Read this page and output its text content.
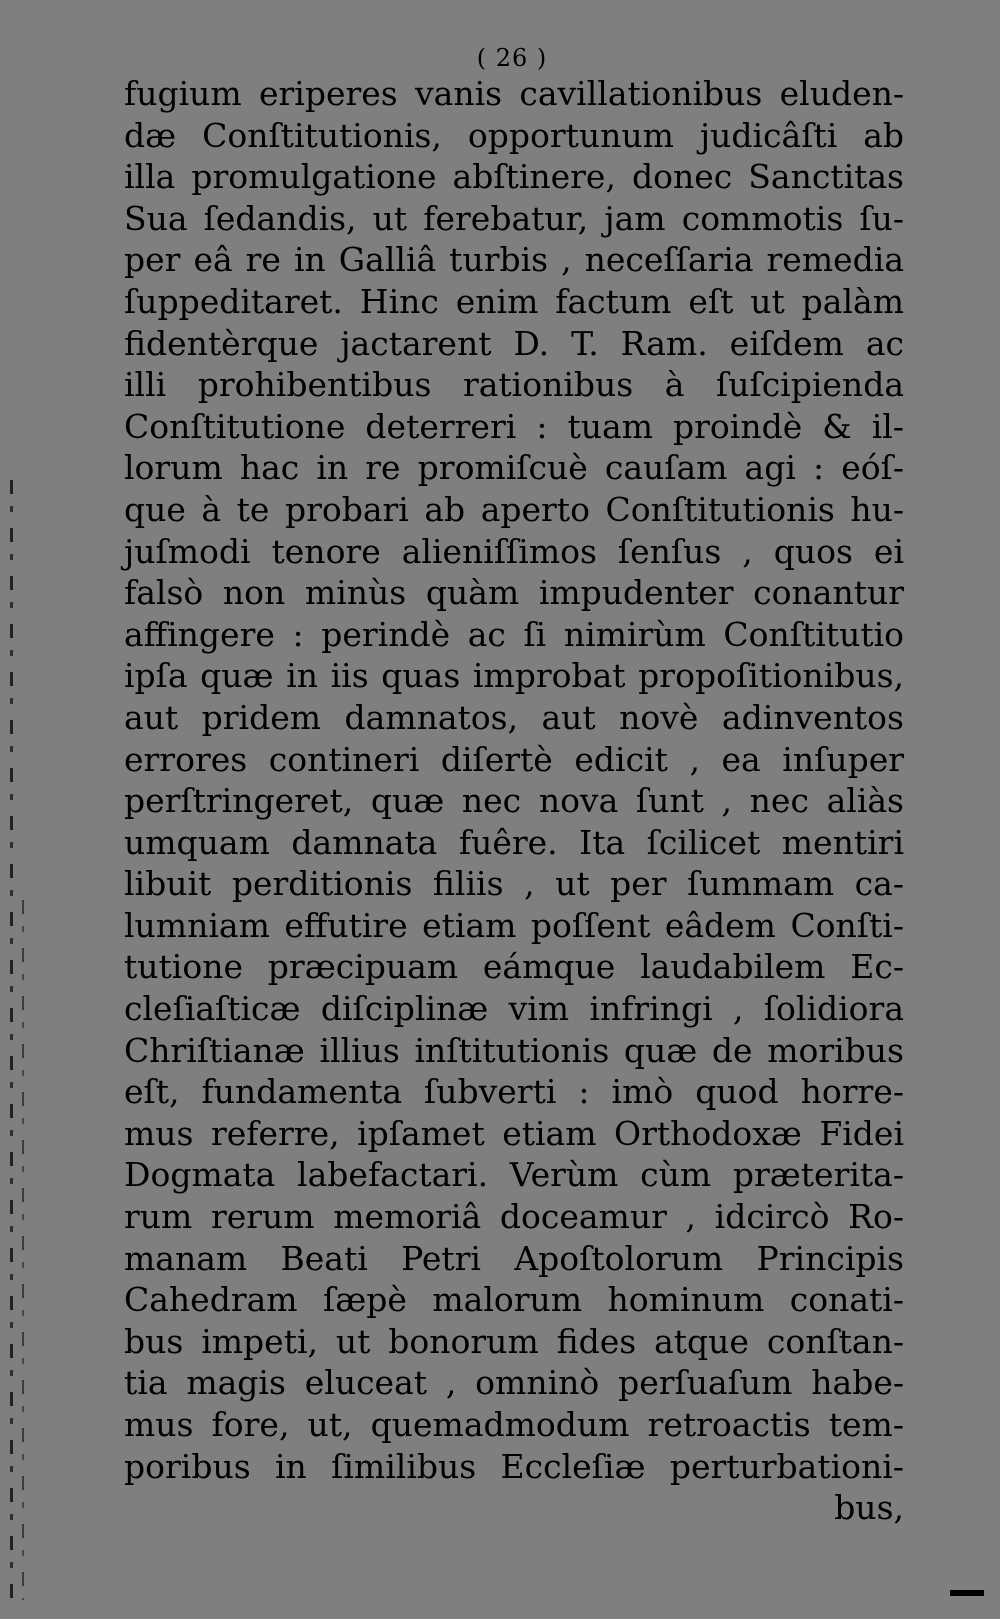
( 26 )
fugium eriperes vanis cavillationibus eluden-
dæ Conſtitutionis, opportunum judicâſti ab
illa promulgatione abſtinere, donec Sanctitas
Sua ſedandis, ut ferebatur, jam commotis ſu-
per eâ re in Galliâ turbis , neceſſaria remedia
ſuppeditaret. Hinc enim factum eſt ut palàm
fidentèrque jactarent D. T. Ram. eiſdem ac
illi prohibentibus rationibus à ſuſcipienda
Conſtitutione deterreri : tuam proindè & il-
lorum hac in re promiſcuè cauſam agi : eóſ-
que à te probari ab aperto Conſtitutionis hu-
juſmodi tenore alieniſſimos ſenſus , quos ei
falsò non minùs quàm impudenter conantur
affingere : perindè ac ſi nimirùm Conſtitutio
ipſa quæ in iis quas improbat propoſitionibus,
aut pridem damnatos, aut novè adinventos
errores contineri diſertè edicit , ea inſuper
perſtringeret, quæ nec nova ſunt , nec aliàs
umquam damnata fuêre. Ita ſcilicet mentiri
libuit perditionis filiis , ut per ſummam ca-
lumniam effutire etiam poſſent eâdem Conſti-
tutione præcipuam eámque laudabilem Ec-
cleſiaſticæ diſciplinæ vim infringi , ſolidiora
Chriſtianæ illius inſtitutionis quæ de moribus
eſt, fundamenta ſubverti : imò quod horre-
mus referre, ipſamet etiam Orthodoxæ Fidei
Dogmata labefactari. Verùm cùm præterita-
rum rerum memoriâ doceamur , idcircò Ro-
manam Beati Petri Apoſtolorum Principis
Cahedram ſæpè malorum hominum conati-
bus impeti, ut bonorum fides atque conſtan-
tia magis eluceat , omninò perſuaſum habe-
mus fore, ut, quemadmodum retroactis tem-
poribus in ſimilibus Eccleſiæ perturbationi-
bus,
